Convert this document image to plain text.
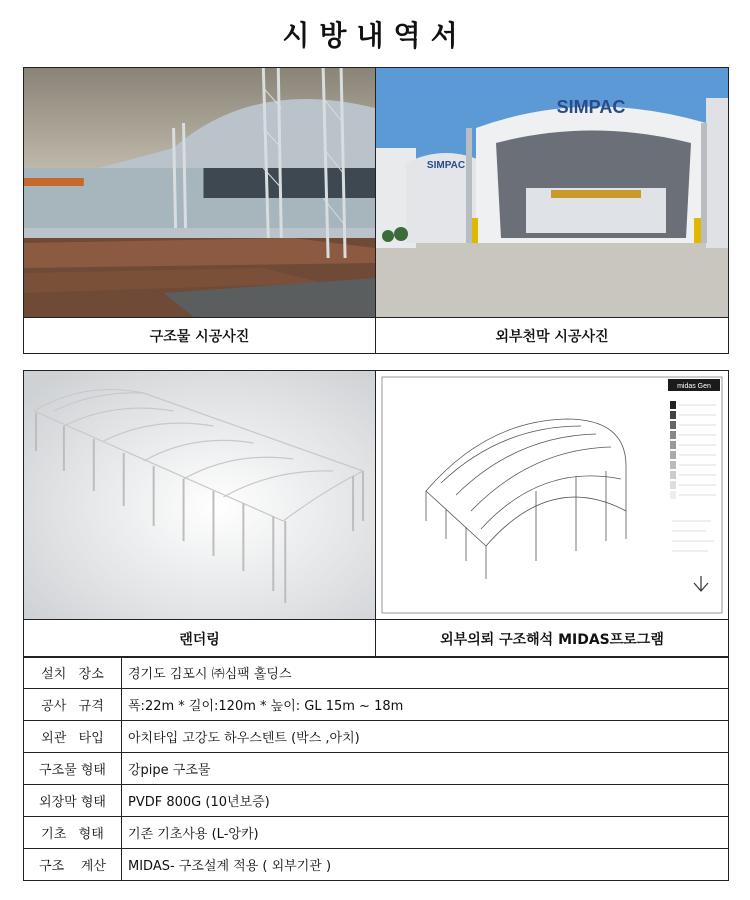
시방내역서
SIMPAC
SIMPAC
구조물 시공사진	외부천막 시공사진
midas Gen
랜더링	외부의뢰 구조해석 MIDAS프로그램
설치   장소	경기도 김포시 ㈜심팩 홀딩스
공사   규격	폭:22m * 길이:120m * 높이: GL 15m ~ 18m
외관   타입	아치타입 고강도 하우스텐트 (박스 ,아치)
구조물 형태	강pipe 구조물
외장막 형태	PVDF 800G (10년보증)
기초   형태	기존 기초사용 (L-앙카)
구조    계산	MIDAS- 구조설계 적용 ( 외부기관 )
